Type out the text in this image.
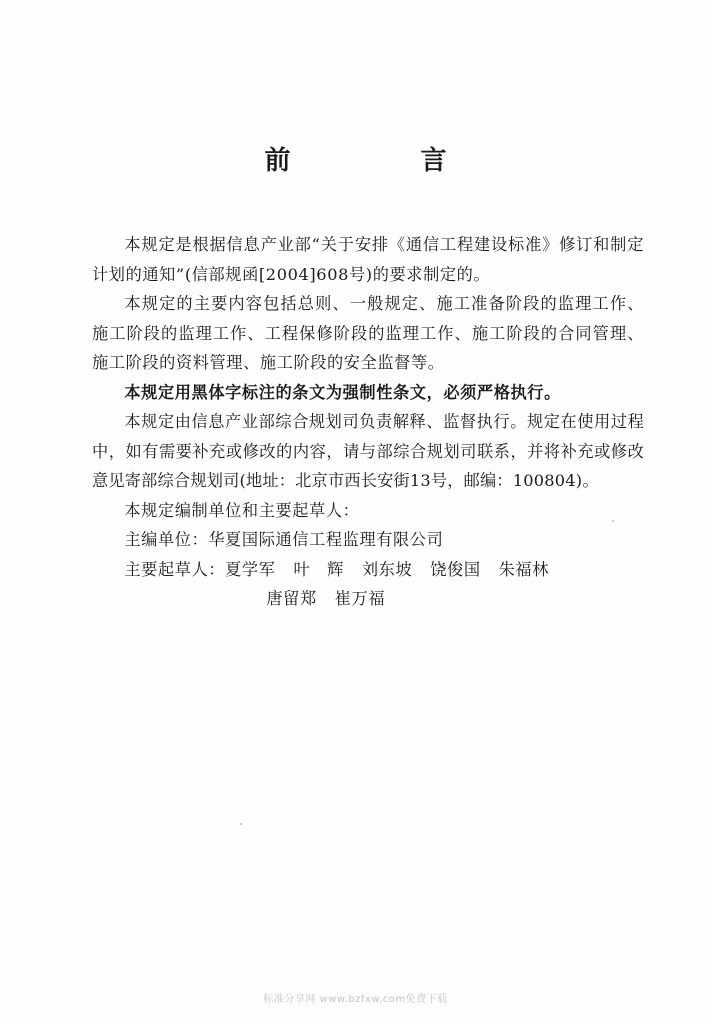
前　言

本规定是根据信息产业部“关于安排《通信工程建设标准》修订和制定计划的通知”(信部规函[2004]608号)的要求制定的。

本规定的主要内容包括总则、一般规定、施工准备阶段的监理工作、施工阶段的监理工作、工程保修阶段的监理工作、施工阶段的合同管理、施工阶段的资料管理、施工阶段的安全监督等。

本规定用黑体字标注的条文为强制性条文，必须严格执行。

本规定由信息产业部综合规划司负责解释、监督执行。规定在使用过程中，如有需要补充或修改的内容，请与部综合规划司联系，并将补充或修改意见寄部综合规划司(地址：北京市西长安街13号，邮编：100804)。

本规定编制单位和主要起草人：

主编单位：华夏国际通信工程监理有限公司

主要起草人：夏学军 叶　辉 刘东坡 饶俊国 朱福林

唐留郑 崔万福

标准分享网 www.bzfxw.com免费下载
